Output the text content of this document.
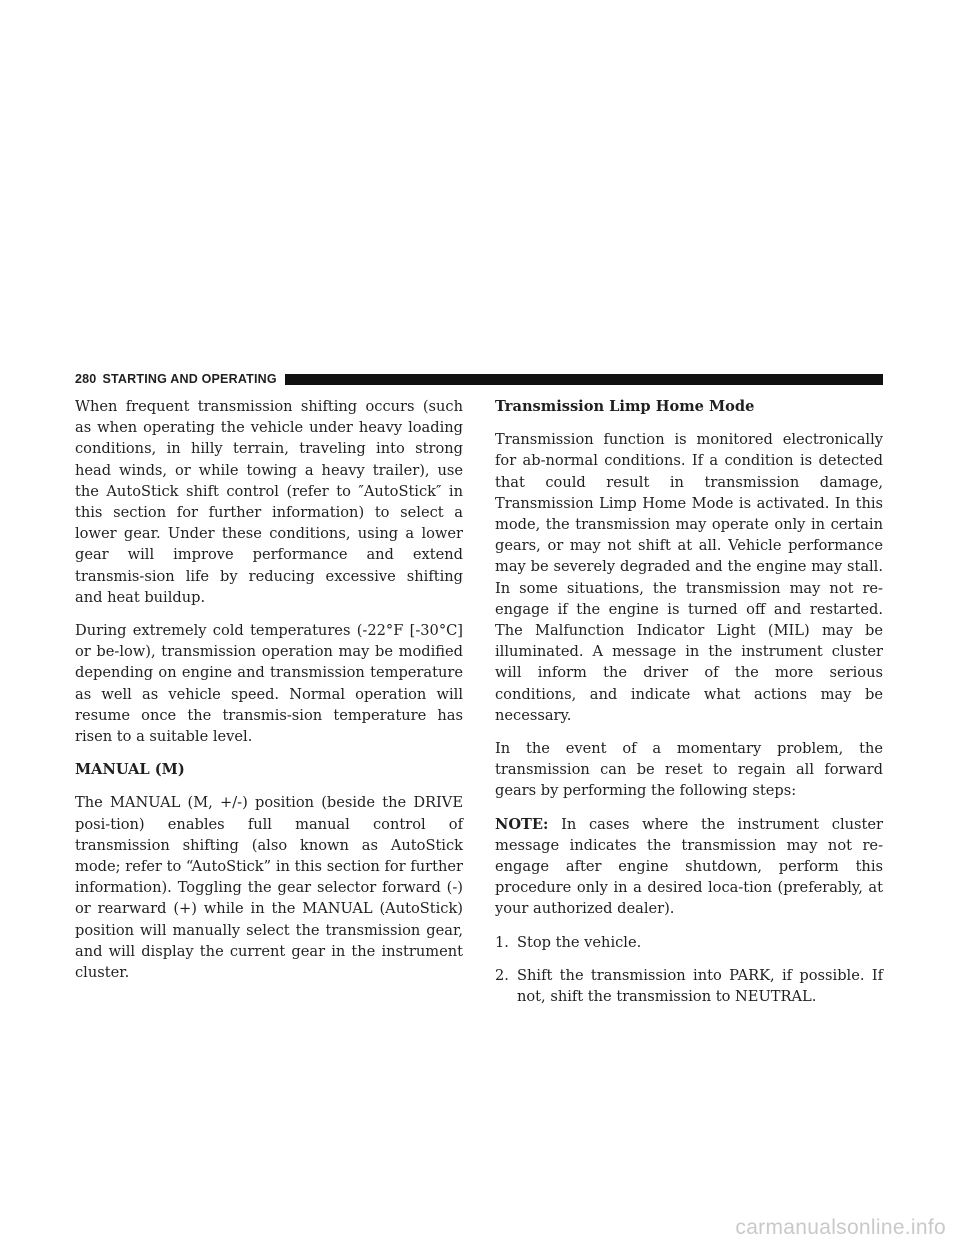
280 STARTING AND OPERATING

When frequent transmission shifting occurs (such as when operating the vehicle under heavy loading conditions, in hilly terrain, traveling into strong head winds, or while towing a heavy trailer), use the AutoStick shift control (refer to ″AutoStick″ in this section for further information) to select a lower gear. Under these conditions, using a lower gear will improve performance and extend transmis-sion life by reducing excessive shifting and heat buildup.

During extremely cold temperatures (-22°F [-30°C] or be-low), transmission operation may be modified depending on engine and transmission temperature as well as vehicle speed. Normal operation will resume once the transmis-sion temperature has risen to a suitable level.

MANUAL (M)

The MANUAL (M, +/-) position (beside the DRIVE posi-tion) enables full manual control of transmission shifting (also known as AutoStick mode; refer to “AutoStick” in this section for further information). Toggling the gear selector forward (-) or rearward (+) while in the MANUAL (AutoStick) position will manually select the transmission gear, and will display the current gear in the instrument cluster.

Transmission Limp Home Mode

Transmission function is monitored electronically for ab-normal conditions. If a condition is detected that could result in transmission damage, Transmission Limp Home Mode is activated. In this mode, the transmission may operate only in certain gears, or may not shift at all. Vehicle performance may be severely degraded and the engine may stall. In some situations, the transmission may not re-engage if the engine is turned off and restarted. The Malfunction Indicator Light (MIL) may be illuminated. A message in the instrument cluster will inform the driver of the more serious conditions, and indicate what actions may be necessary.

In the event of a momentary problem, the transmission can be reset to regain all forward gears by performing the following steps:

NOTE: In cases where the instrument cluster message indicates the transmission may not re-engage after engine shutdown, perform this procedure only in a desired loca-tion (preferably, at your authorized dealer).

1. Stop the vehicle.
2. Shift the transmission into PARK, if possible. If not, shift the transmission to NEUTRAL.
carmanualsonline.info
